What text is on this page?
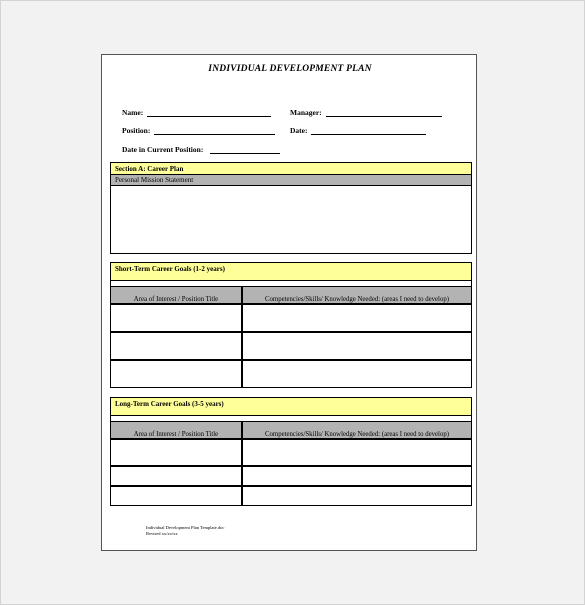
INDIVIDUAL DEVELOPMENT PLAN
Name:	Manager:
Position:	Date:
Date in Current Position:
Section A: Career Plan
Personal Mission Statement
Short-Term Career Goals (1-2 years)
Area of Interest / Position Title	Competencies/Skills/ Knowledge Needed: (areas I need to develop)

Long-Term Career Goals (3-5 years)
Area of Interest / Position Title	Competencies/Skills/ Knowledge Needed: (areas I need to develop)

Individual Development Plan Template.doc
Revised xx/xx/xx
